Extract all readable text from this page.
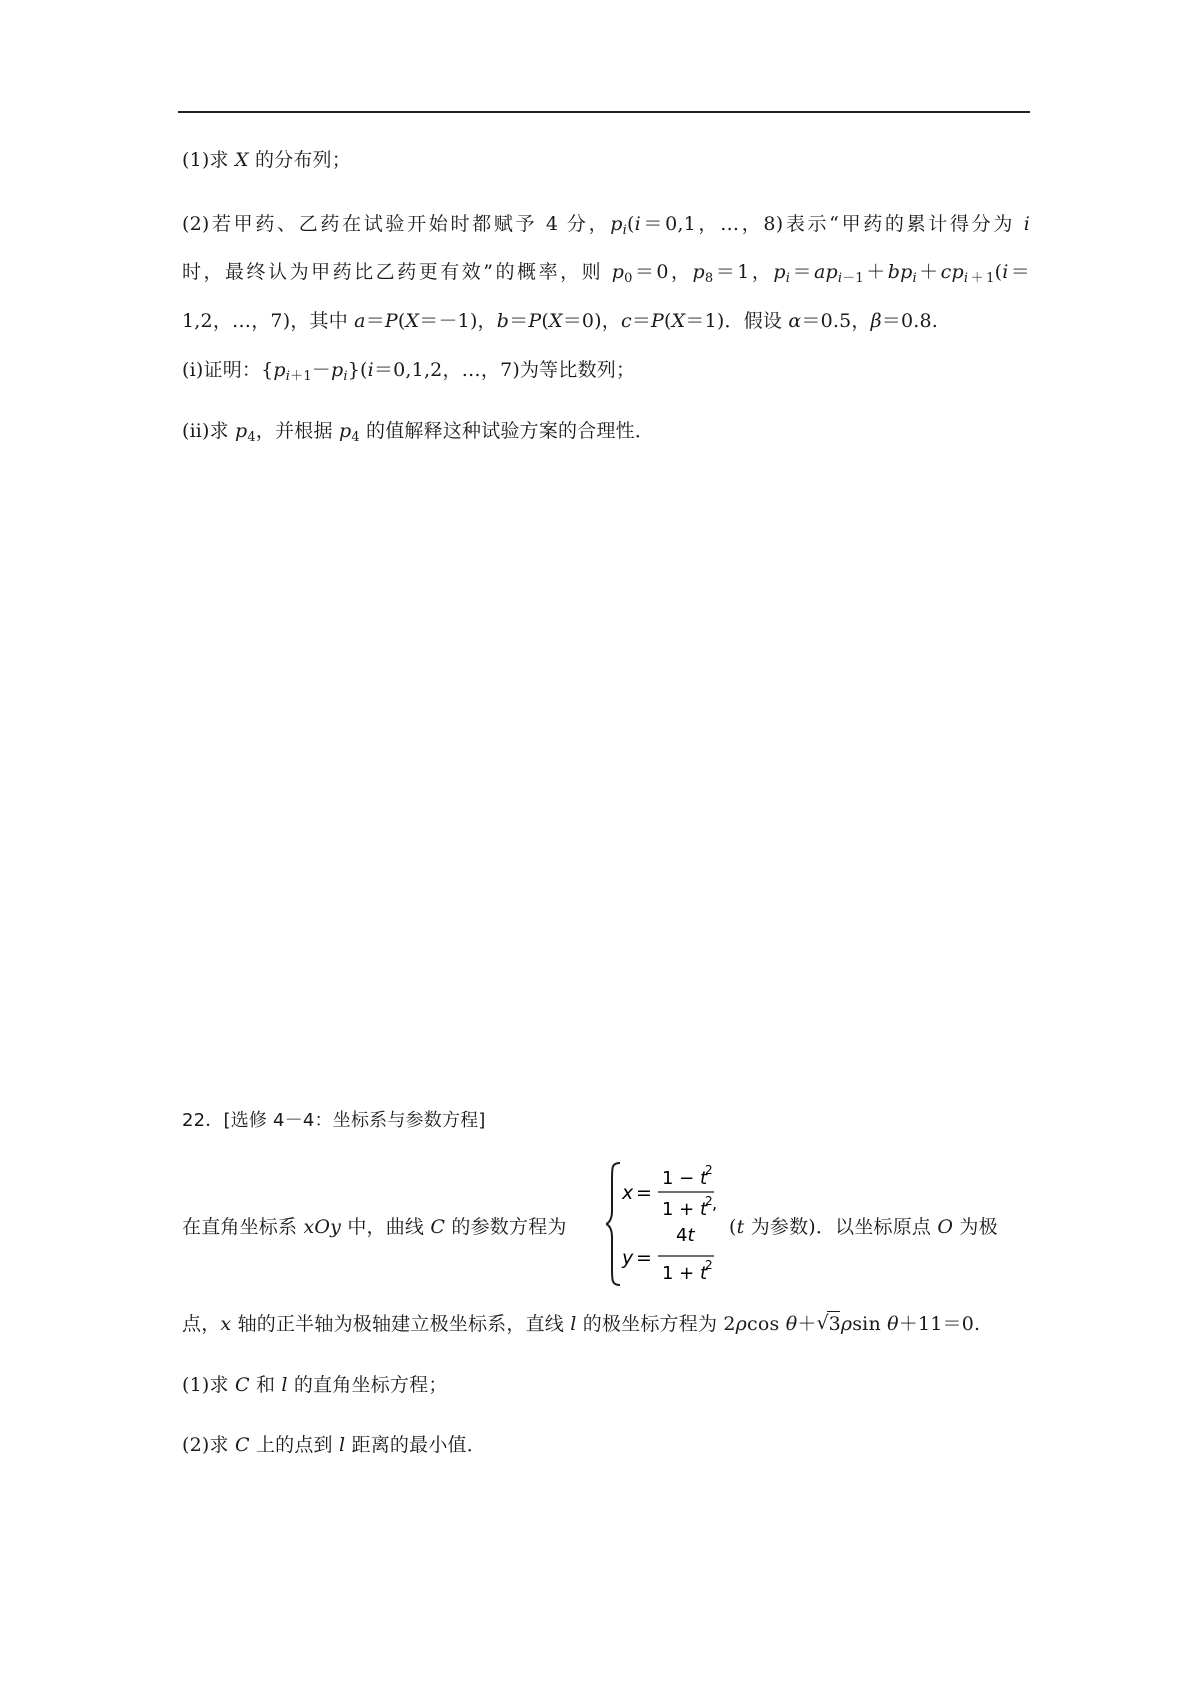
(1)求 X 的分布列；
(2)若甲药、乙药在试验开始时都赋予 4 分，$p_i(i=0,1$，…，8)表示“甲药的累计得分为 i
时，最终认为甲药比乙药更有效”的概率，则 $p_0=0$，$p_8=1$，$p_i=ap_{i-1}+bp_i+cp_{i+1}(i=$
1,2，…，7)，其中 a＝P(X＝－1)，b＝P(X＝0)，c＝P(X＝1)．假设 α＝0.5，β＝0.8.
(ⅰ)证明：$\{p_{i+1}-p_i\}(i=0,1,2$，…，7)为等比数列；
(ⅱ)求 $p_4$，并根据 $p_4$ 的值解释这种试验方案的合理性．
22．[选修 4－4：坐标系与参数方程]
在直角坐标系 xOy 中，曲线 C 的参数方程为
x =
1 − t
2
1 + t
2 ,
y =
4t
1 + t
2
(t 为参数)．以坐标原点 O 为极
点，x 轴的正半轴为极轴建立极坐标系，直线 l 的极坐标方程为 2ρcos θ＋ √ 3ρsin θ＋11＝0.
(1)求 C 和 l 的直角坐标方程；
(2)求 C 上的点到 l 距离的最小值．
